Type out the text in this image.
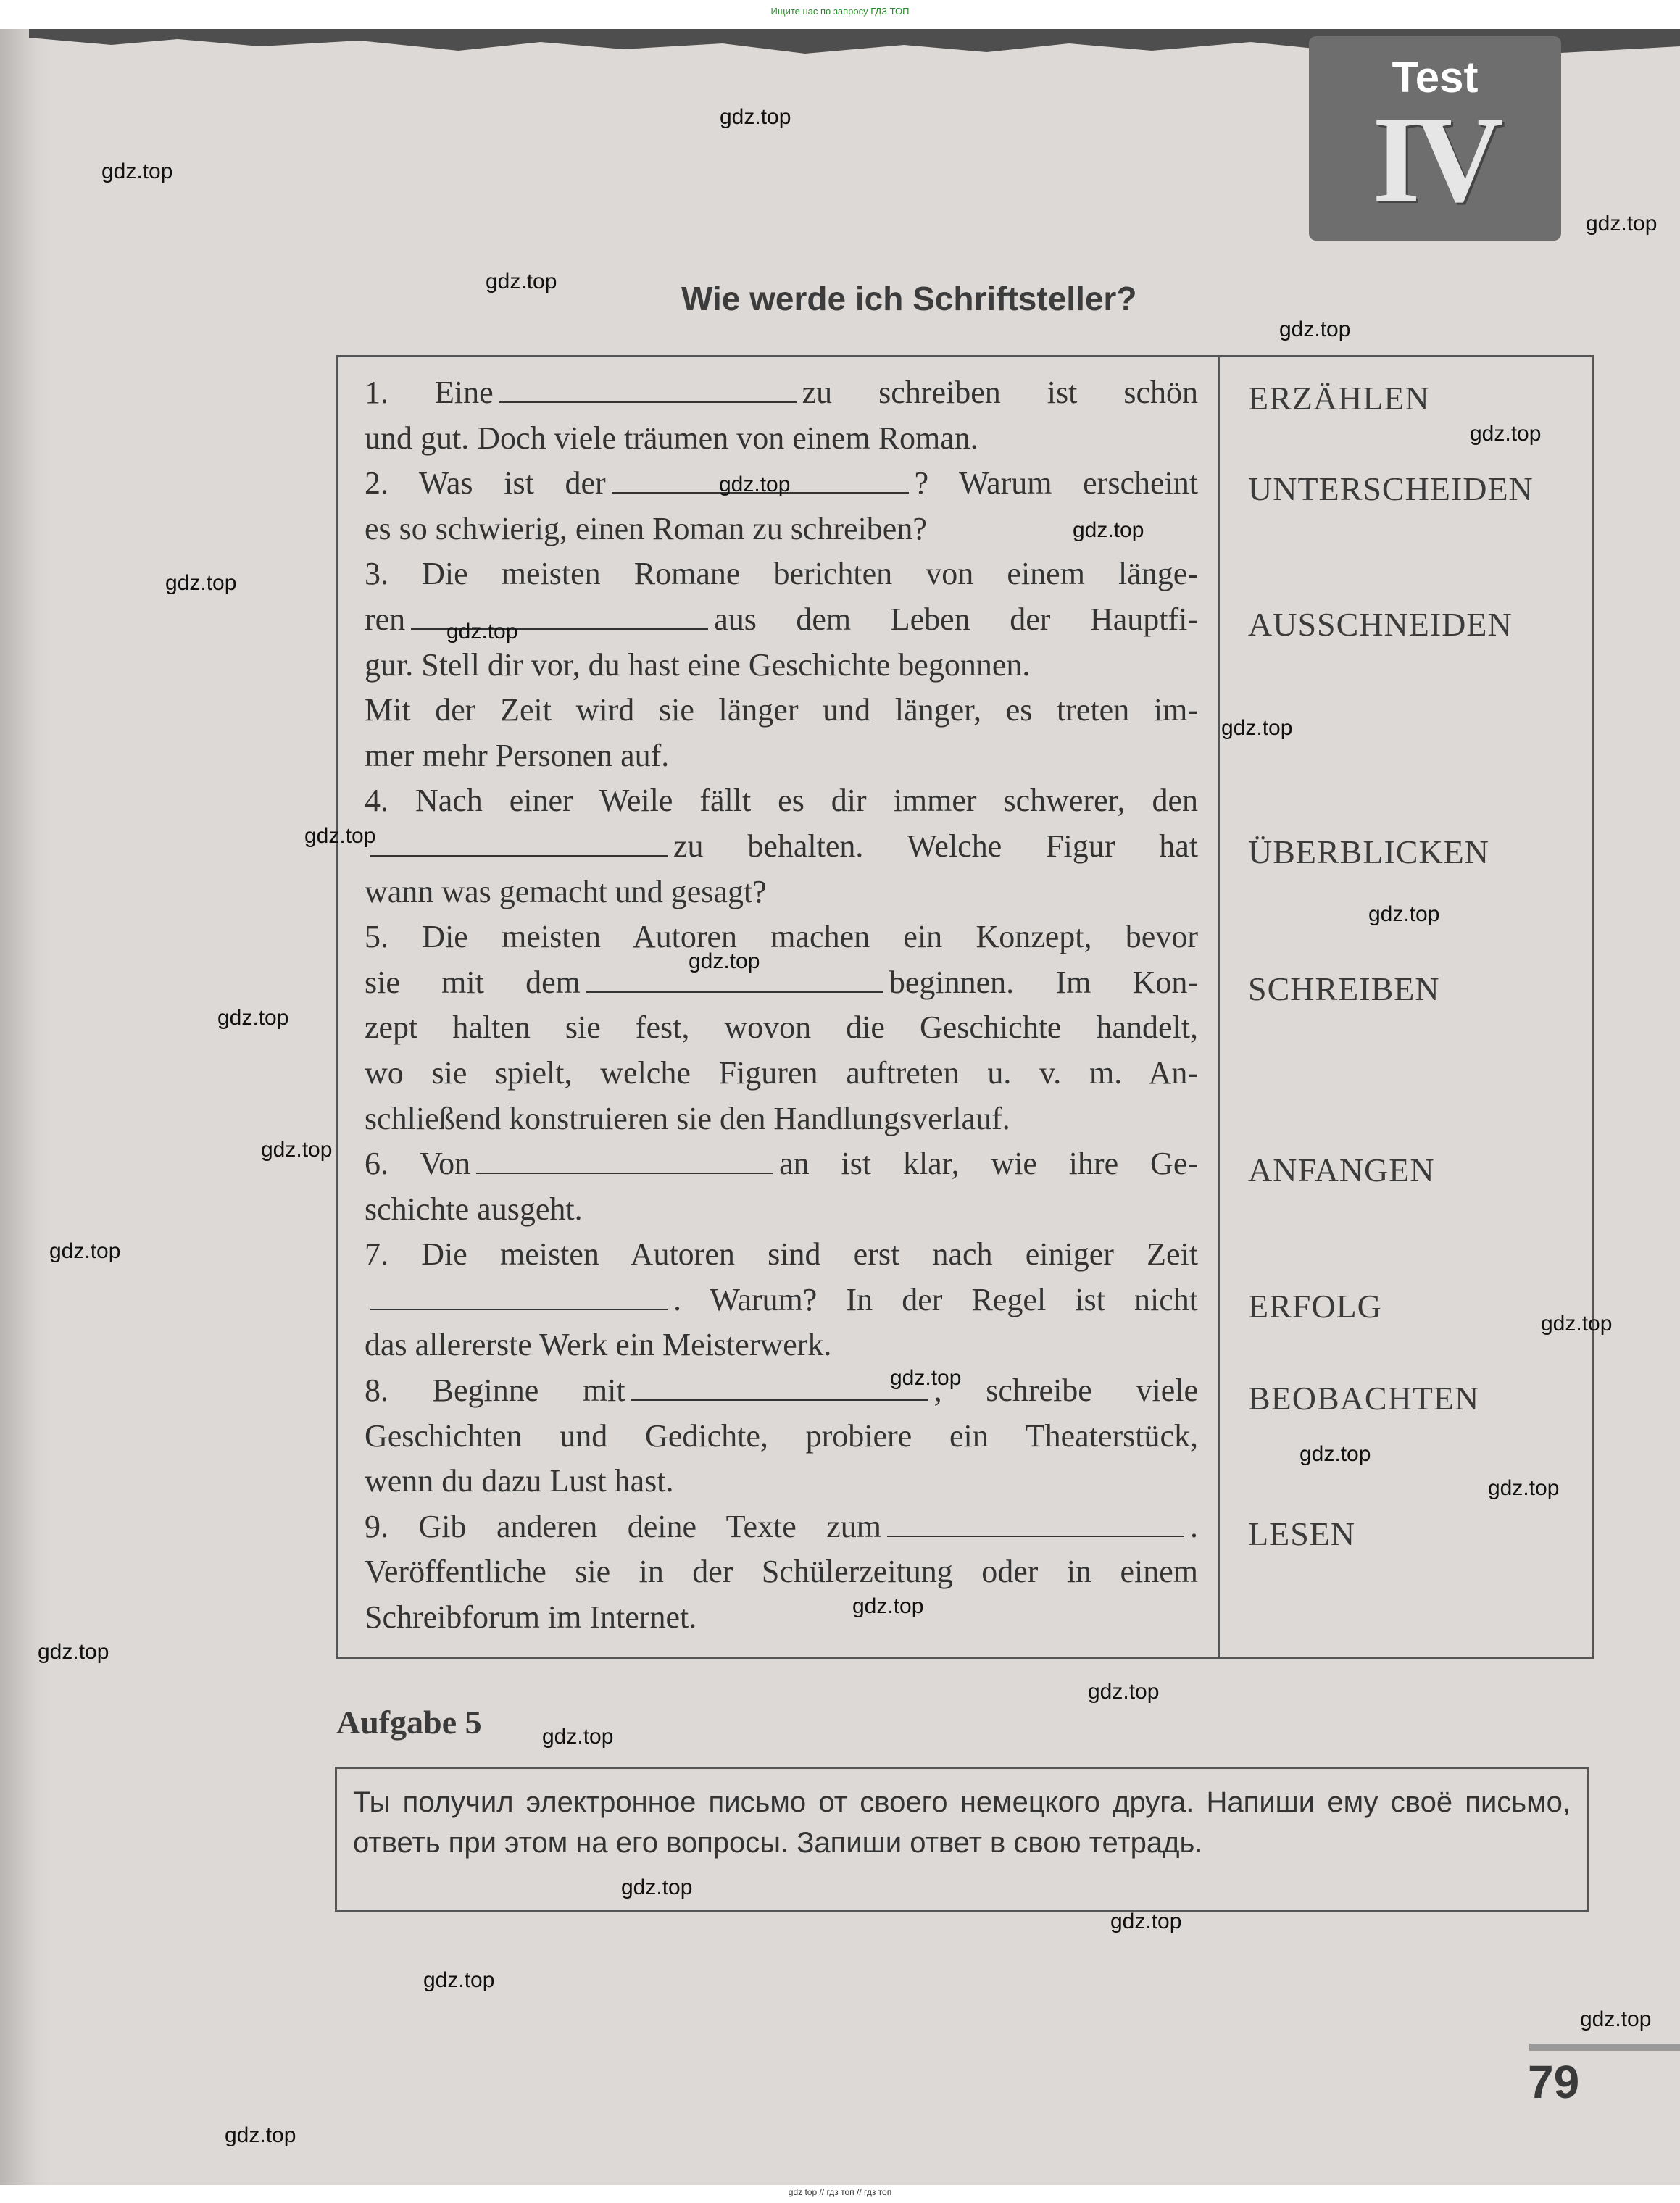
Ищите нас по запросу ГДЗ ТОП
Test
IV
Wie werde ich Schriftsteller?
1. Eine	zu schreiben ist schön
und gut. Doch viele träumen von einem Roman.
2. Was ist der	? Warum erscheint
es so schwierig, einen Roman zu schreiben?
3. Die meisten Romane berichten von einem länge-
ren	aus dem Leben der Hauptfi-
gur. Stell dir vor, du hast eine Geschichte begonnen.
Mit der Zeit wird sie länger und länger, es treten im-
mer mehr Personen auf.
4. Nach einer Weile fällt es dir immer schwerer, den
zu behalten. Welche Figur hat
wann was gemacht und gesagt?
5. Die meisten Autoren machen ein Konzept, bevor
sie mit dem	beginnen. Im Kon-
zept halten sie fest, wovon die Geschichte handelt,
wo sie spielt, welche Figuren auftreten u. v. m. An-
schließend konstruieren sie den Handlungsverlauf.
6. Von	an ist klar, wie ihre Ge-
schichte ausgeht.
7. Die meisten Autoren sind erst nach einiger Zeit
. Warum? In der Regel ist nicht
das allererste Werk ein Meisterwerk.
8. Beginne mit	, schreibe viele
Geschichten und Gedichte, probiere ein Theaterstück,
wenn du dazu Lust hast.
9. Gib anderen deine Texte zum	.
Veröffentliche sie in der Schülerzeitung oder in einem
Schreibforum im Internet.
ERZÄHLEN
UNTERSCHEIDEN
AUSSCHNEIDEN
ÜBERBLICKEN
SCHREIBEN
ANFANGEN
ERFOLG
BEOBACHTEN
LESEN
Aufgabe 5
Ты получил электронное письмо от своего немецкого друга. Напиши ему своё письмо, ответь при этом на его вопросы. Запиши ответ в свою тетрадь.
79
gdz.top
gdz.top
gdz.top
gdz.top
gdz.top
gdz.top
gdz.top
gdz.top
gdz.top
gdz.top
gdz.top
gdz.top
gdz.top
gdz.top
gdz.top
gdz.top
gdz.top
gdz.top
gdz.top
gdz.top
gdz.top
gdz.top
gdz.top
gdz.top
gdz.top
gdz.top
gdz.top
gdz.top
gdz.top
gdz.top
gdz top // гдз топ // гдз топ
